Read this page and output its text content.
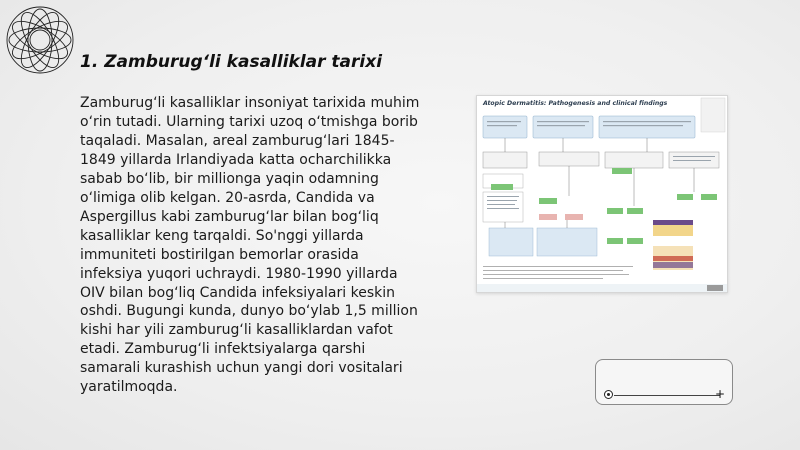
1. Zamburug‘li kasalliklar tarixi
Zamburug‘li kasalliklar insoniyat tarixida muhim o‘rin tutadi. Ularning tarixi uzoq o‘tmishga borib taqaladi. Masalan, areal zamburug‘lari 1845-1849 yillarda Irlandiyada katta ocharchilikka sabab bo‘lib, bir millionga yaqin odamning o‘limiga olib kelgan. 20-asrda, Candida va Aspergillus kabi zamburug‘lar bilan bog‘liq kasalliklar keng tarqaldi. So'nggi yillarda immuniteti bostirilgan bemorlar orasida infeksiya yuqori uchraydi. 1980-1990 yillarda OIV bilan bog‘liq Candida infeksiyalari keskin oshdi. Bugungi kunda, dunyo bo‘ylab 1,5 million kishi har yili zamburug‘li kasalliklardan vafot etadi. Zamburug‘li infektsiyalarga qarshi samarali kurashish uchun yangi dori vositalari yaratilmoqda.
Atopic Dermatitis: Pathogenesis and clinical findings
+
